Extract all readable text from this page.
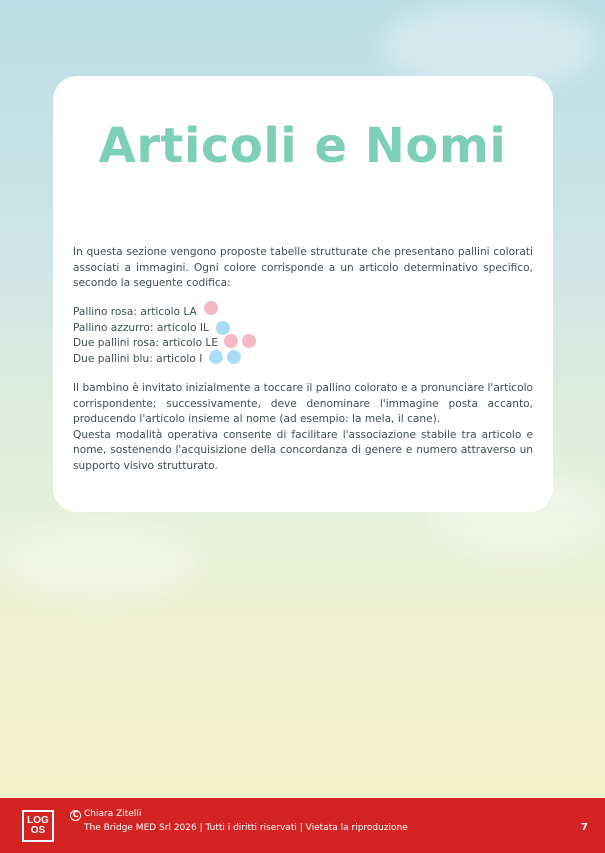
Articoli e Nomi

In questa sezione vengono proposte tabelle strutturate che presentano pallini colorati associati a immagini. Ogni colore corrisponde a un articolo determinativo specifico, secondo la seguente codifica:

Pallino rosa: articolo LA
Pallino azzurro: articolo IL
Due pallini rosa: articolo LE
Due pallini blu: articolo I

Il bambino è invitato inizialmente a toccare il pallino colorato e a pronunciare l'articolo corrispondente; successivamente, deve denominare l'immagine posta accanto, producendo l'articolo insieme al nome (ad esempio: la mela, il cane).

Questa modalità operativa consente di facilitare l'associazione stabile tra articolo e nome, sostenendo l'acquisizione della concordanza di genere e numero attraverso un supporto visivo strutturato.

LOG
OS
C Chiara Zitelli
The Bridge MED Srl 2026 | Tutti i diritti riservati | Vietata la riproduzione	7
